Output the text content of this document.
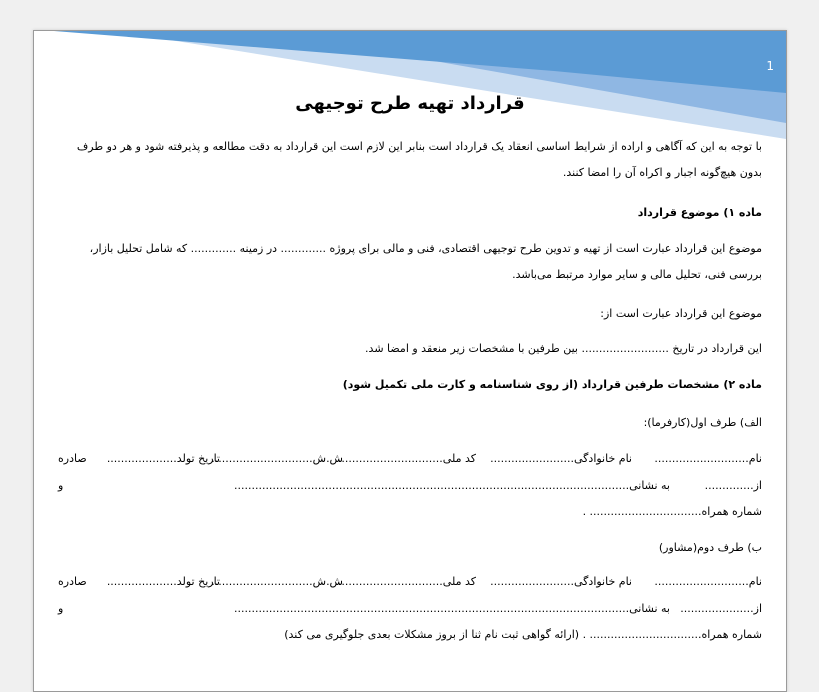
1
قرارداد تهیه طرح توجیهی
با توجه به این که آگاهی و اراده از شرایط اساسی انعقاد یک قرارداد است بنابر این لازم است این قرارداد به دقت مطالعه و پذیرفته شود و هر دو طرف
بدون هیچ‌گونه اجبار و اکراه آن را امضا کنند.
ماده ۱) موضوع قرارداد
موضوع این قرارداد عبارت است از تهیه و تدوین طرح توجیهی اقتصادی، فنی و مالی برای پروژه ............. در زمینه ............. که شامل تحلیل بازار،
بررسی فنی، تحلیل مالی و سایر موارد مرتبط می‌باشد.
موضوع این قرارداد عبارت است از:
این قرارداد در تاریخ ......................... بین طرفین با مشخصات زیر منعقد و امضا شد.
ماده ۲) مشخصات طرفین قرارداد (از روی شناسنامه و کارت ملی تکمیل شود)
الف) طرف اول(کارفرما):
نام...........................
نام خانوادگی........................
کد ملی...............................
ش.ش.............................
تاریخ تولد....................
صادره
از..............
به نشانی.................................................................................................................
و
شماره همراه................................ .
ب) طرف دوم(مشاور)
نام...........................
نام خانوادگی........................
کد ملی...............................
ش.ش.............................
تاریخ تولد....................
صادره
از.....................
به نشانی.................................................................................................................
و
شماره همراه................................ . (ارائه گواهی ثبت نام ثنا از بروز مشکلات بعدی جلوگیری می کند)
